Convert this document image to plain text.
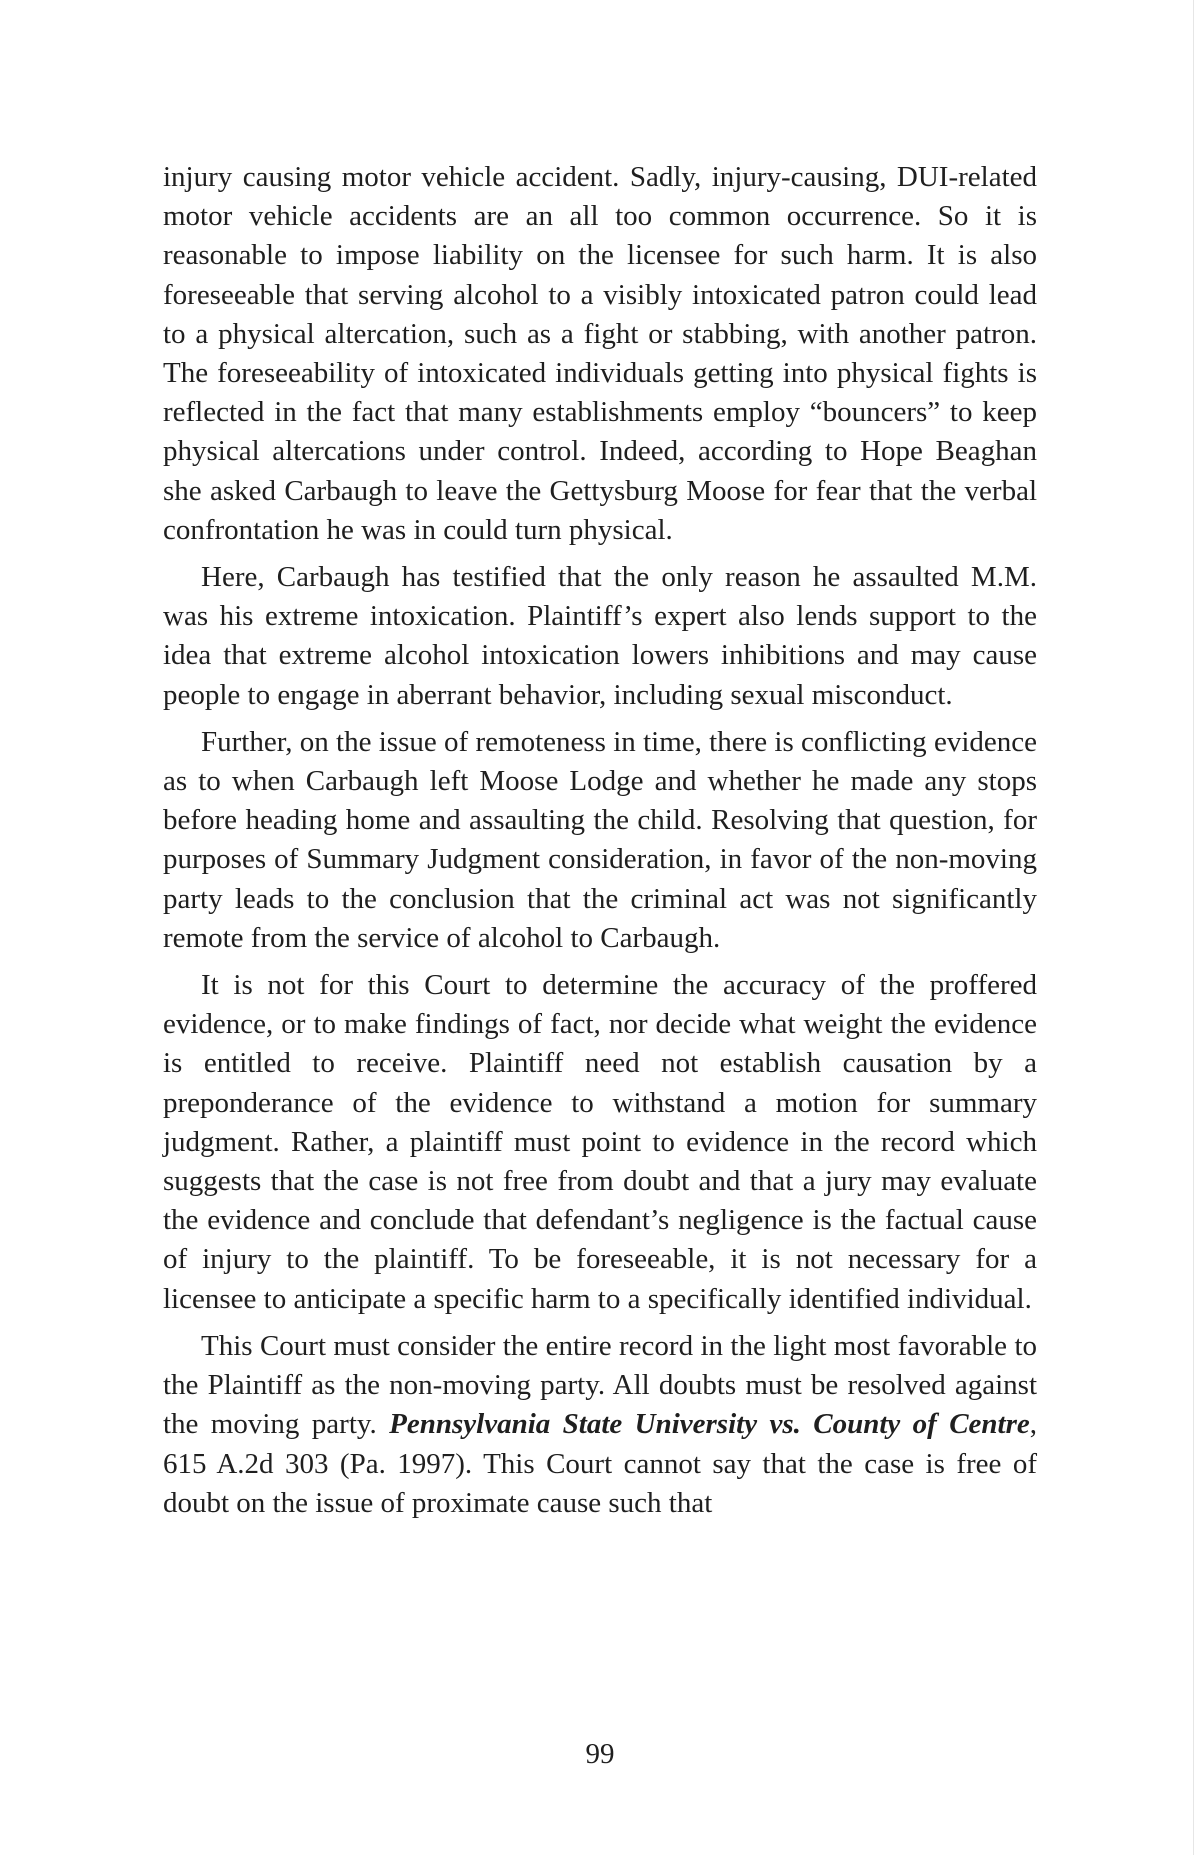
injury causing motor vehicle accident. Sadly, injury-causing, DUI-related motor vehicle accidents are an all too common occurrence. So it is reasonable to impose liability on the licensee for such harm. It is also foreseeable that serving alcohol to a visibly intoxicated patron could lead to a physical altercation, such as a fight or stabbing, with another patron. The foreseeability of intoxicated individuals getting into physical fights is reflected in the fact that many establishments employ “bouncers” to keep physical altercations under control. Indeed, according to Hope Beaghan she asked Carbaugh to leave the Gettysburg Moose for fear that the verbal confrontation he was in could turn physical.

Here, Carbaugh has testified that the only reason he assaulted M.M. was his extreme intoxication. Plaintiff’s expert also lends support to the idea that extreme alcohol intoxication lowers inhibitions and may cause people to engage in aberrant behavior, including sexual misconduct.

Further, on the issue of remoteness in time, there is conflicting evidence as to when Carbaugh left Moose Lodge and whether he made any stops before heading home and assaulting the child. Resolving that question, for purposes of Summary Judgment consideration, in favor of the non-moving party leads to the conclusion that the criminal act was not significantly remote from the service of alcohol to Carbaugh.

It is not for this Court to determine the accuracy of the proffered evidence, or to make findings of fact, nor decide what weight the evidence is entitled to receive. Plaintiff need not establish causation by a preponderance of the evidence to withstand a motion for summary judgment. Rather, a plaintiff must point to evidence in the record which suggests that the case is not free from doubt and that a jury may evaluate the evidence and conclude that defendant’s negligence is the factual cause of injury to the plaintiff. To be foreseeable, it is not necessary for a licensee to anticipate a specific harm to a specifically identified individual.

This Court must consider the entire record in the light most favorable to the Plaintiff as the non-moving party. All doubts must be resolved against the moving party. Pennsylvania State University vs. County of Centre, 615 A.2d 303 (Pa. 1997). This Court cannot say that the case is free of doubt on the issue of proximate cause such that

99
